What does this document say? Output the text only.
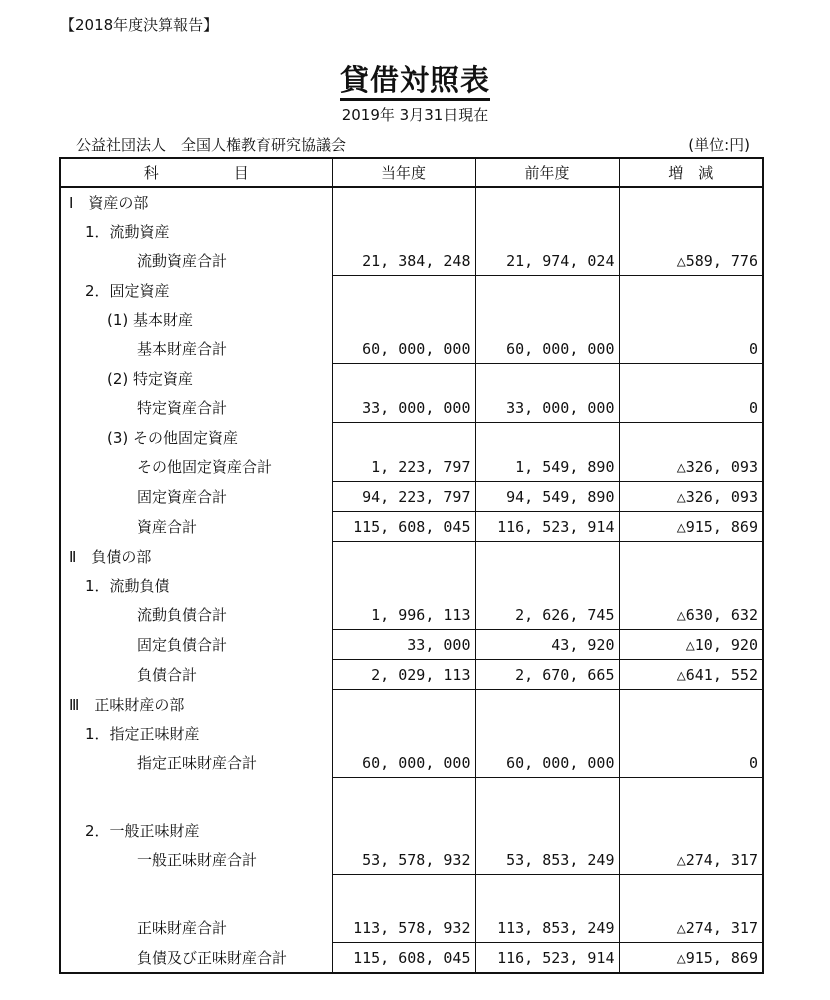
【2018年度決算報告】
貸借対照表
2019年 3月31日現在
公益社団法人　全国人権教育研究協議会	(単位:円)
科　　　　　目	当年度	前年度	増　減
Ⅰ　資産の部			
1．流動資産			
流動資産合計	21, 384, 248	21, 974, 024	△589, 776
2．固定資産			
(1) 基本財産			
基本財産合計	60, 000, 000	60, 000, 000	0
(2) 特定資産			
特定資産合計	33, 000, 000	33, 000, 000	0
(3) その他固定資産			
その他固定資産合計	1, 223, 797	1, 549, 890	△326, 093
固定資産合計	94, 223, 797	94, 549, 890	△326, 093
資産合計	115, 608, 045	116, 523, 914	△915, 869
Ⅱ　負債の部			
1．流動負債			
流動負債合計	1, 996, 113	2, 626, 745	△630, 632
固定負債合計	33, 000	43, 920	△10, 920
負債合計	2, 029, 113	2, 670, 665	△641, 552
Ⅲ　正味財産の部			
1．指定正味財産			
指定正味財産合計	60, 000, 000	60, 000, 000	0

2．一般正味財産			
一般正味財産合計	53, 578, 932	53, 853, 249	△274, 317

正味財産合計	113, 578, 932	113, 853, 249	△274, 317
負債及び正味財産合計	115, 608, 045	116, 523, 914	△915, 869
